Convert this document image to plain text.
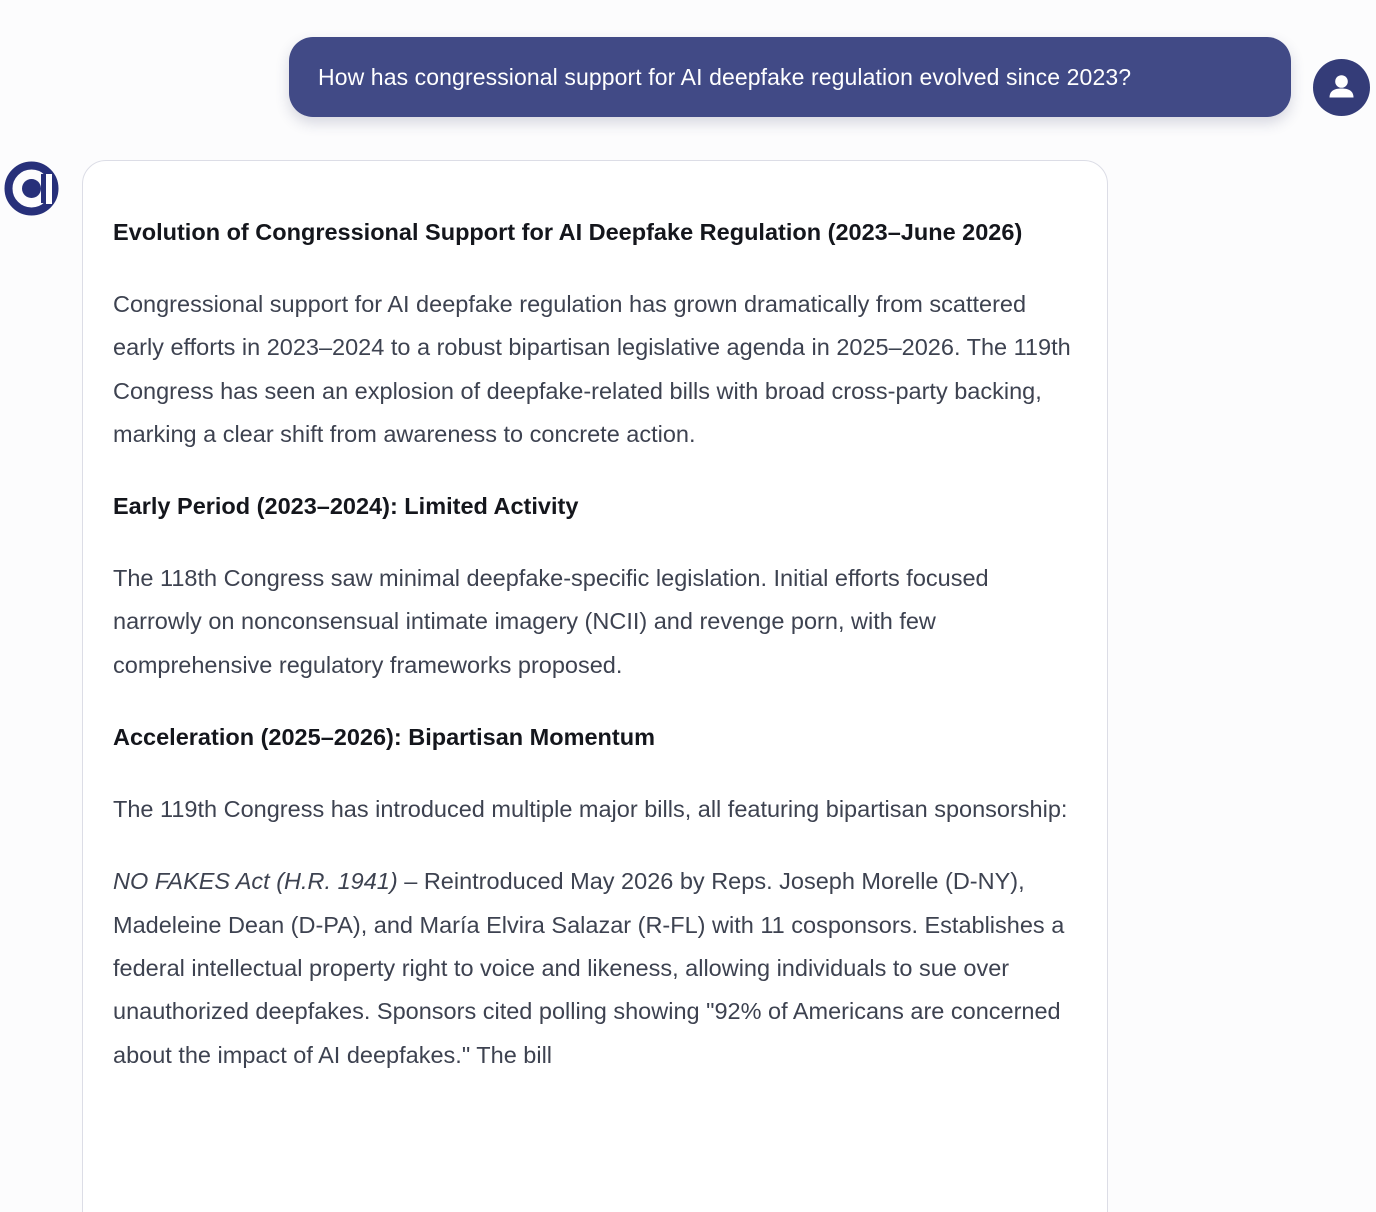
How has congressional support for AI deepfake regulation evolved since 2023?

Evolution of Congressional Support for AI Deepfake Regulation (2023–June 2026)

Congressional support for AI deepfake regulation has grown dramatically from scattered early efforts in 2023–2024 to a robust bipartisan legislative agenda in 2025–2026. The 119th Congress has seen an explosion of deepfake-related bills with broad cross-party backing, marking a clear shift from awareness to concrete action.

Early Period (2023–2024): Limited Activity

The 118th Congress saw minimal deepfake-specific legislation. Initial efforts focused narrowly on nonconsensual intimate imagery (NCII) and revenge porn, with few comprehensive regulatory frameworks proposed.

Acceleration (2025–2026): Bipartisan Momentum

The 119th Congress has introduced multiple major bills, all featuring bipartisan sponsorship:

NO FAKES Act (H.R. 1941) – Reintroduced May 2026 by Reps. Joseph Morelle (D-NY), Madeleine Dean (D-PA), and María Elvira Salazar (R-FL) with 11 cosponsors. Establishes a federal intellectual property right to voice and likeness, allowing individuals to sue over unauthorized deepfakes. Sponsors cited polling showing "92% of Americans are concerned about the impact of AI deepfakes." The bill
